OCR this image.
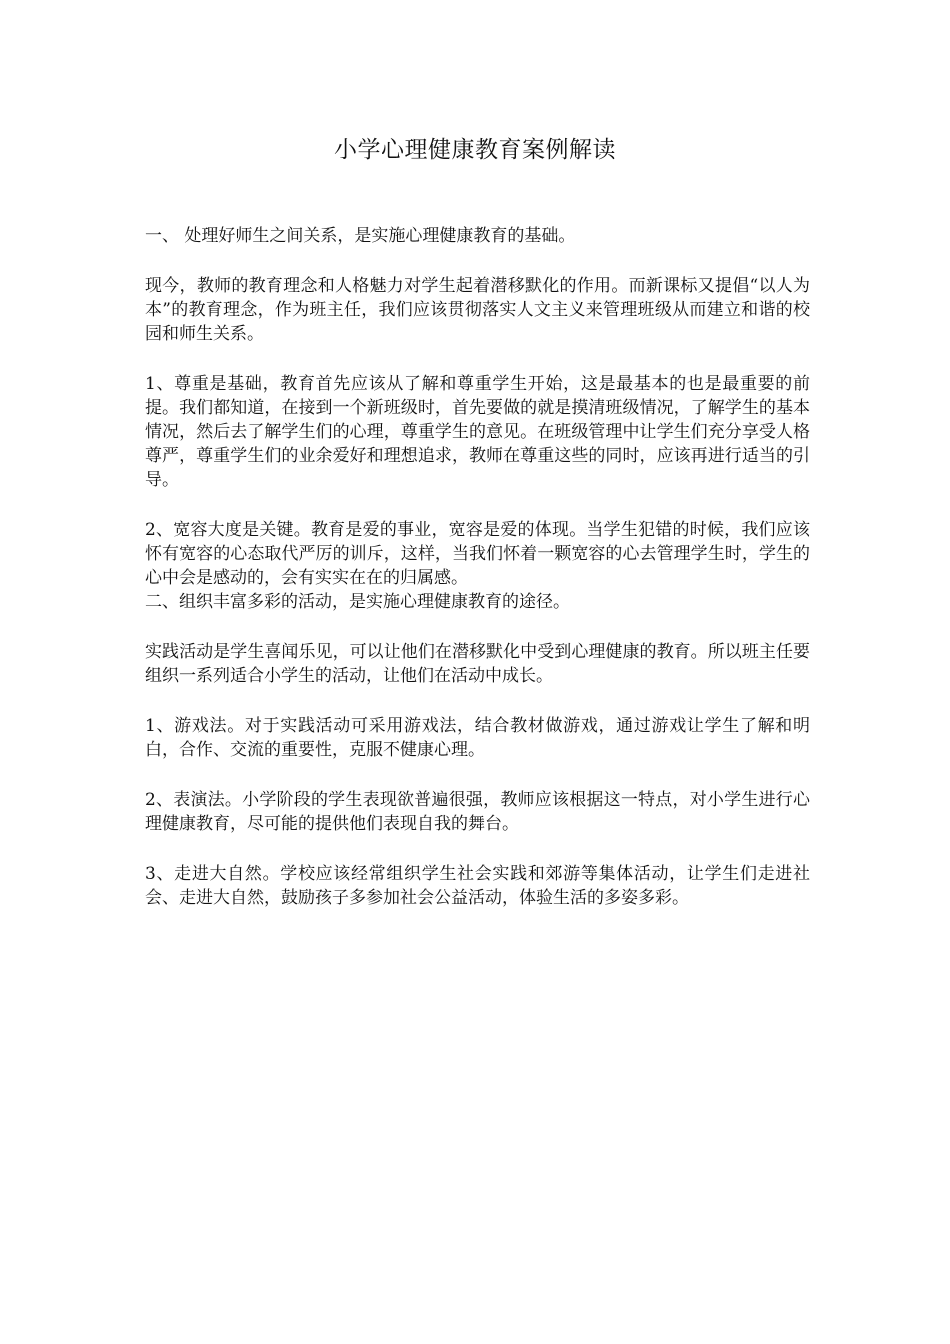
小学心理健康教育案例解读

一、 处理好师生之间关系，是实施心理健康教育的基础。

现今，教师的教育理念和人格魅力对学生起着潜移默化的作用。而新课标又提倡“以人为本”的教育理念，作为班主任，我们应该贯彻落实人文主义来管理班级从而建立和谐的校园和师生关系。

1、尊重是基础，教育首先应该从了解和尊重学生开始，这是最基本的也是最重要的前提。我们都知道，在接到一个新班级时，首先要做的就是摸清班级情况，了解学生的基本情况，然后去了解学生们的心理，尊重学生的意见。在班级管理中让学生们充分享受人格尊严，尊重学生们的业余爱好和理想追求，教师在尊重这些的同时，应该再进行适当的引导。

2、宽容大度是关键。教育是爱的事业，宽容是爱的体现。当学生犯错的时候，我们应该怀有宽容的心态取代严厉的训斥，这样，当我们怀着一颗宽容的心去管理学生时，学生的心中会是感动的，会有实实在在的归属感。

二、组织丰富多彩的活动，是实施心理健康教育的途径。

实践活动是学生喜闻乐见，可以让他们在潜移默化中受到心理健康的教育。所以班主任要组织一系列适合小学生的活动，让他们在活动中成长。

1、游戏法。对于实践活动可采用游戏法，结合教材做游戏，通过游戏让学生了解和明白，合作、交流的重要性，克服不健康心理。

2、表演法。小学阶段的学生表现欲普遍很强，教师应该根据这一特点，对小学生进行心理健康教育，尽可能的提供他们表现自我的舞台。

3、走进大自然。学校应该经常组织学生社会实践和郊游等集体活动，让学生们走进社会、走进大自然，鼓励孩子多参加社会公益活动，体验生活的多姿多彩。
